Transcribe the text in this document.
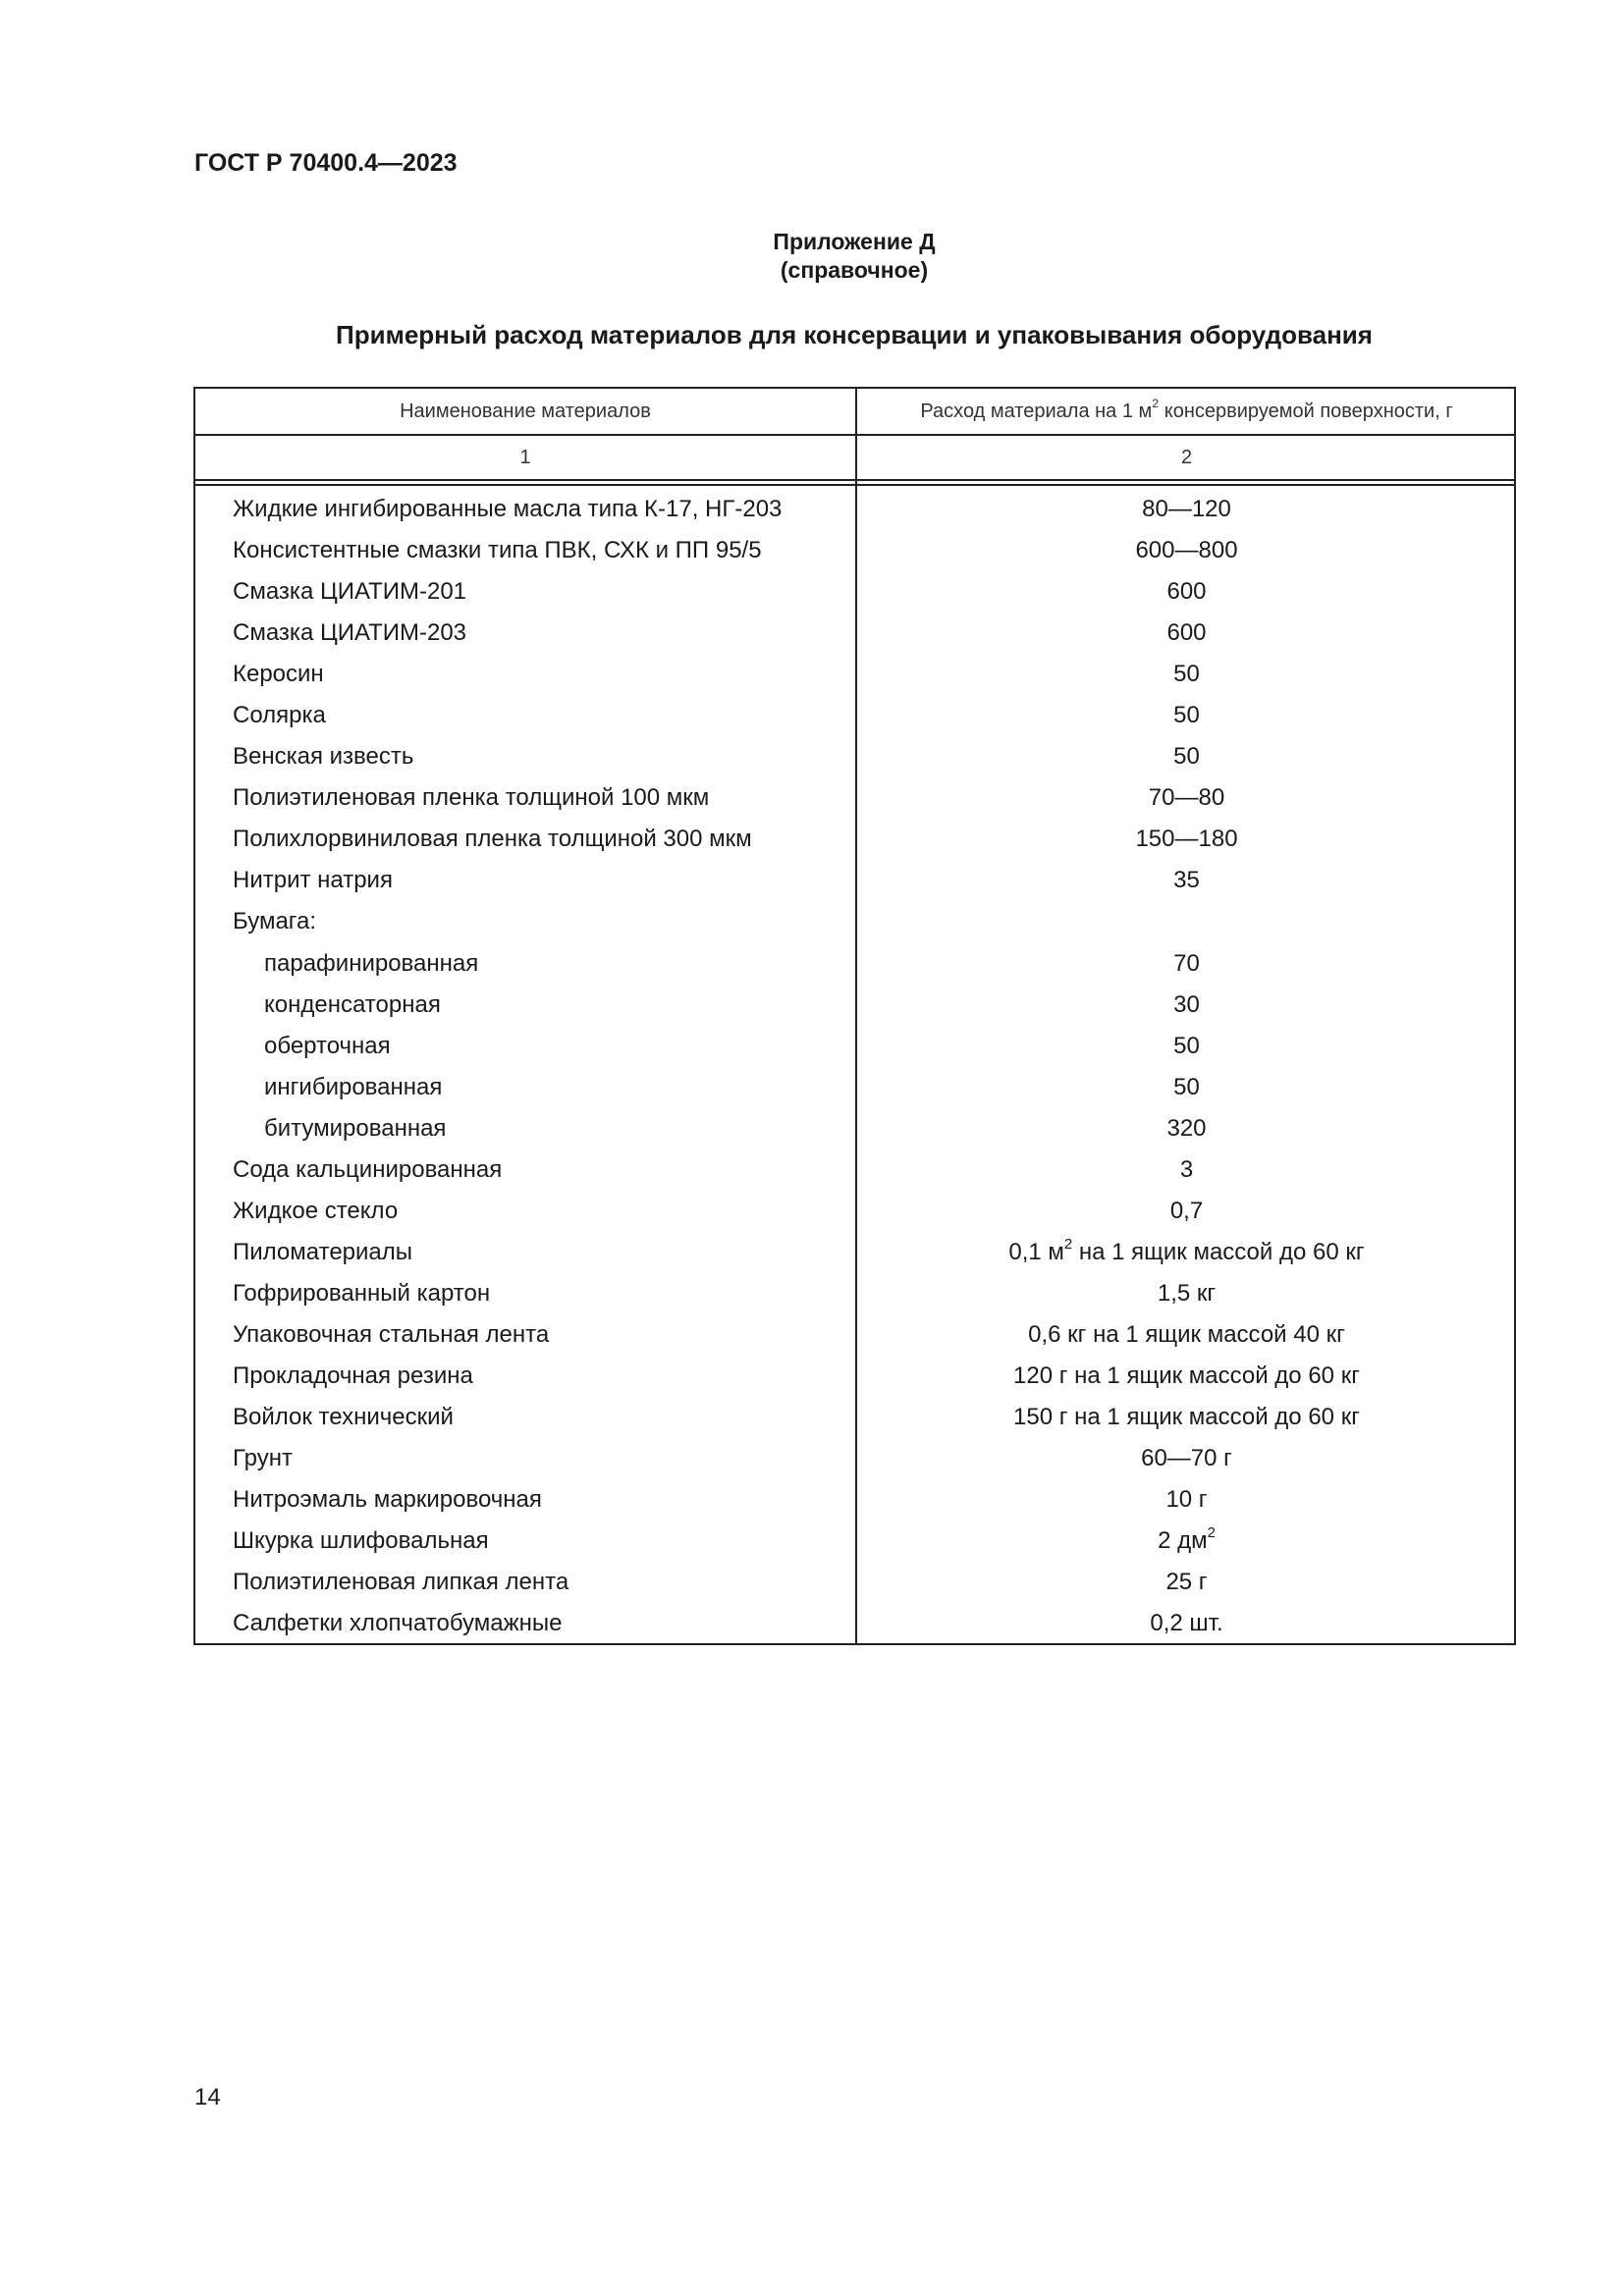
ГОСТ Р 70400.4—2023
Приложение Д
(справочное)
Примерный расход материалов для консервации и упаковывания оборудования
Наименование материалов	Расход материала на 1 $м^2$ консервируемой поверхности, г
1	2
Жидкие ингибированные масла типа К-17, НГ-203	80—120
Консистентные смазки типа ПВК, СХК и ПП 95/5	600—800
Смазка ЦИАТИМ-201	600
Смазка ЦИАТИМ-203	600
Керосин	50
Солярка	50
Венская известь	50
Полиэтиленовая пленка толщиной 100 мкм	70—80
Полихлорвиниловая пленка толщиной 300 мкм	150—180
Нитрит натрия	35
Бумага:
парафинированная	70
конденсаторная	30
оберточная	50
ингибированная	50
битумированная	320
Сода кальцинированная	3
Жидкое стекло	0,7
Пиломатериалы	0,1 $м^2$ на 1 ящик массой до 60 кг
Гофрированный картон	1,5 кг
Упаковочная стальная лента	0,6 кг на 1 ящик массой 40 кг
Прокладочная резина	120 г на 1 ящик массой до 60 кг
Войлок технический	150 г на 1 ящик массой до 60 кг
Грунт	60—70 г
Нитроэмаль маркировочная	10 г
Шкурка шлифовальная	2 $дм^2$
Полиэтиленовая липкая лента	25 г
Салфетки хлопчатобумажные	0,2 шт.
14
